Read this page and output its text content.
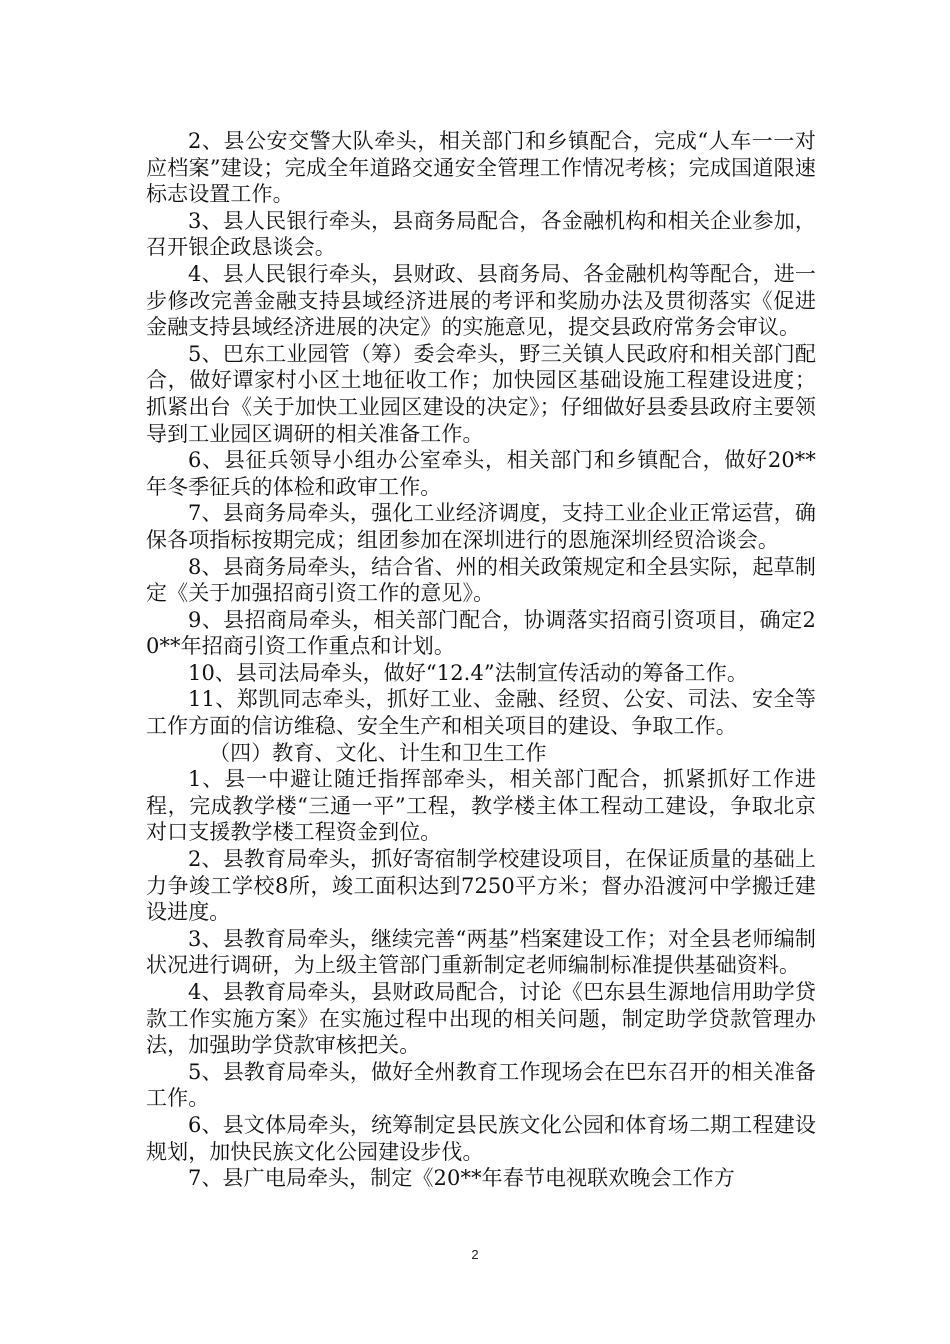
2、县公安交警大队牵头，相关部门和乡镇配合，完成“人车一一对应档案”建设；完成全年道路交通安全管理工作情况考核；完成国道限速标志设置工作。

3、县人民银行牵头，县商务局配合，各金融机构和相关企业参加，召开银企政恳谈会。

4、县人民银行牵头，县财政、县商务局、各金融机构等配合，进一步修改完善金融支持县域经济进展的考评和奖励办法及贯彻落实《促进金融支持县域经济进展的决定》的实施意见，提交县政府常务会审议。

5、巴东工业园管（筹）委会牵头，野三关镇人民政府和相关部门配合，做好谭家村小区土地征收工作；加快园区基础设施工程建设进度；抓紧出台《关于加快工业园区建设的决定》；仔细做好县委县政府主要领导到工业园区调研的相关准备工作。

6、县征兵领导小组办公室牵头，相关部门和乡镇配合，做好20**年冬季征兵的体检和政审工作。

7、县商务局牵头，强化工业经济调度，支持工业企业正常运营，确保各项指标按期完成；组团参加在深圳进行的恩施深圳经贸洽谈会。

8、县商务局牵头，结合省、州的相关政策规定和全县实际，起草制定《关于加强招商引资工作的意见》。

9、县招商局牵头，相关部门配合，协调落实招商引资项目，确定20**年招商引资工作重点和计划。

10、县司法局牵头，做好“12.4”法制宣传活动的筹备工作。

11、郑凯同志牵头，抓好工业、金融、经贸、公安、司法、安全等工作方面的信访维稳、安全生产和相关项目的建设、争取工作。

（四）教育、文化、计生和卫生工作

1、县一中避让随迁指挥部牵头，相关部门配合，抓紧抓好工作进程，完成教学楼“三通一平”工程，教学楼主体工程动工建设，争取北京对口支援教学楼工程资金到位。

2、县教育局牵头，抓好寄宿制学校建设项目，在保证质量的基础上力争竣工学校8所，竣工面积达到7250平方米；督办沿渡河中学搬迁建设进度。

3、县教育局牵头，继续完善“两基”档案建设工作；对全县老师编制状况进行调研，为上级主管部门重新制定老师编制标准提供基础资料。

4、县教育局牵头，县财政局配合，讨论《巴东县生源地信用助学贷款工作实施方案》在实施过程中出现的相关问题，制定助学贷款管理办法，加强助学贷款审核把关。

5、县教育局牵头，做好全州教育工作现场会在巴东召开的相关准备工作。

6、县文体局牵头，统筹制定县民族文化公园和体育场二期工程建设规划，加快民族文化公园建设步伐。

7、县广电局牵头，制定《20**年春节电视联欢晚会工作方

2
